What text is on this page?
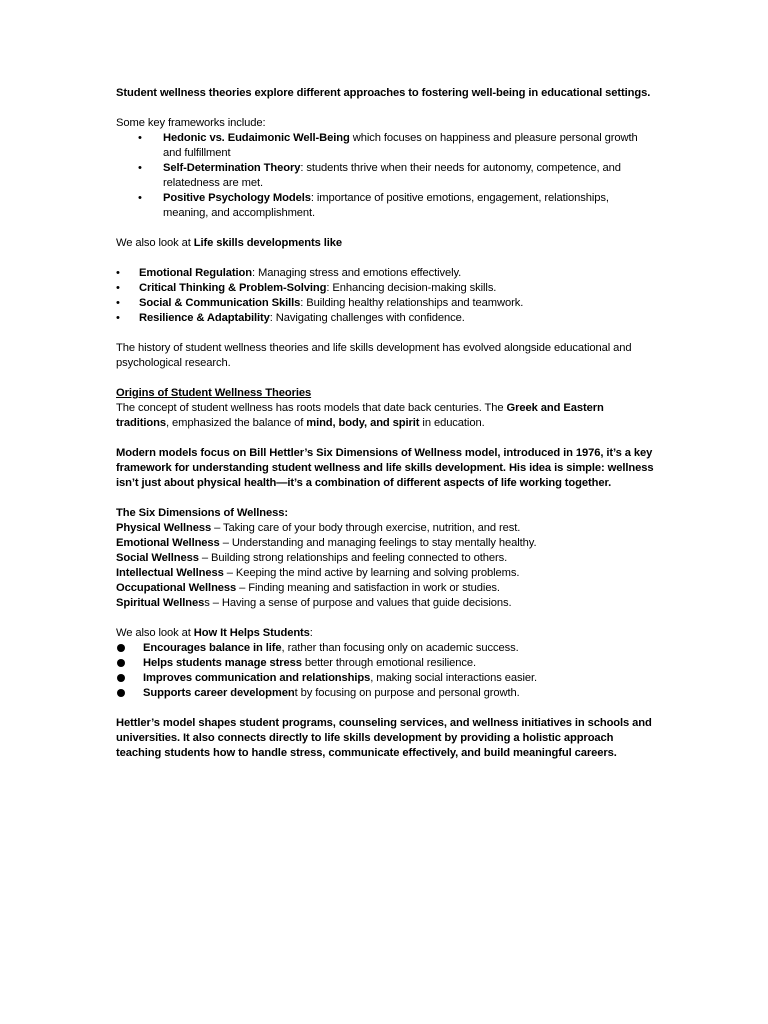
Student wellness theories explore different approaches to fostering well-being in educational settings.

Some key frameworks include:

• Hedonic vs. Eudaimonic Well-Being which focuses on happiness and pleasure personal growth and fulfillment
• Self-Determination Theory: students thrive when their needs for autonomy, competence, and relatedness are met.
• Positive Psychology Models: importance of positive emotions, engagement, relationships, meaning, and accomplishment.

We also look at Life skills developments like

• Emotional Regulation: Managing stress and emotions effectively.
• Critical Thinking & Problem-Solving: Enhancing decision-making skills.
• Social & Communication Skills: Building healthy relationships and teamwork.
• Resilience & Adaptability: Navigating challenges with confidence.

The history of student wellness theories and life skills development has evolved alongside educational and psychological research.

Origins of Student Wellness Theories

The concept of student wellness has roots models that date back centuries. The Greek and Eastern traditions, emphasized the balance of mind, body, and spirit in education.

Modern models focus on Bill Hettler’s Six Dimensions of Wellness model, introduced in 1976, it’s a key framework for understanding student wellness and life skills development. His idea is simple: wellness isn’t just about physical health—it’s a combination of different aspects of life working together.

The Six Dimensions of Wellness:

Physical Wellness – Taking care of your body through exercise, nutrition, and rest.

Emotional Wellness – Understanding and managing feelings to stay mentally healthy.

Social Wellness – Building strong relationships and feeling connected to others.

Intellectual Wellness – Keeping the mind active by learning and solving problems.

Occupational Wellness – Finding meaning and satisfaction in work or studies.

Spiritual Wellness – Having a sense of purpose and values that guide decisions.

We also look at How It Helps Students:

Encourages balance in life, rather than focusing only on academic success.
Helps students manage stress better through emotional resilience.
Improves communication and relationships, making social interactions easier.
Supports career development by focusing on purpose and personal growth.

Hettler’s model shapes student programs, counseling services, and wellness initiatives in schools and universities. It also connects directly to life skills development by providing a holistic approach teaching students how to handle stress, communicate effectively, and build meaningful careers.
